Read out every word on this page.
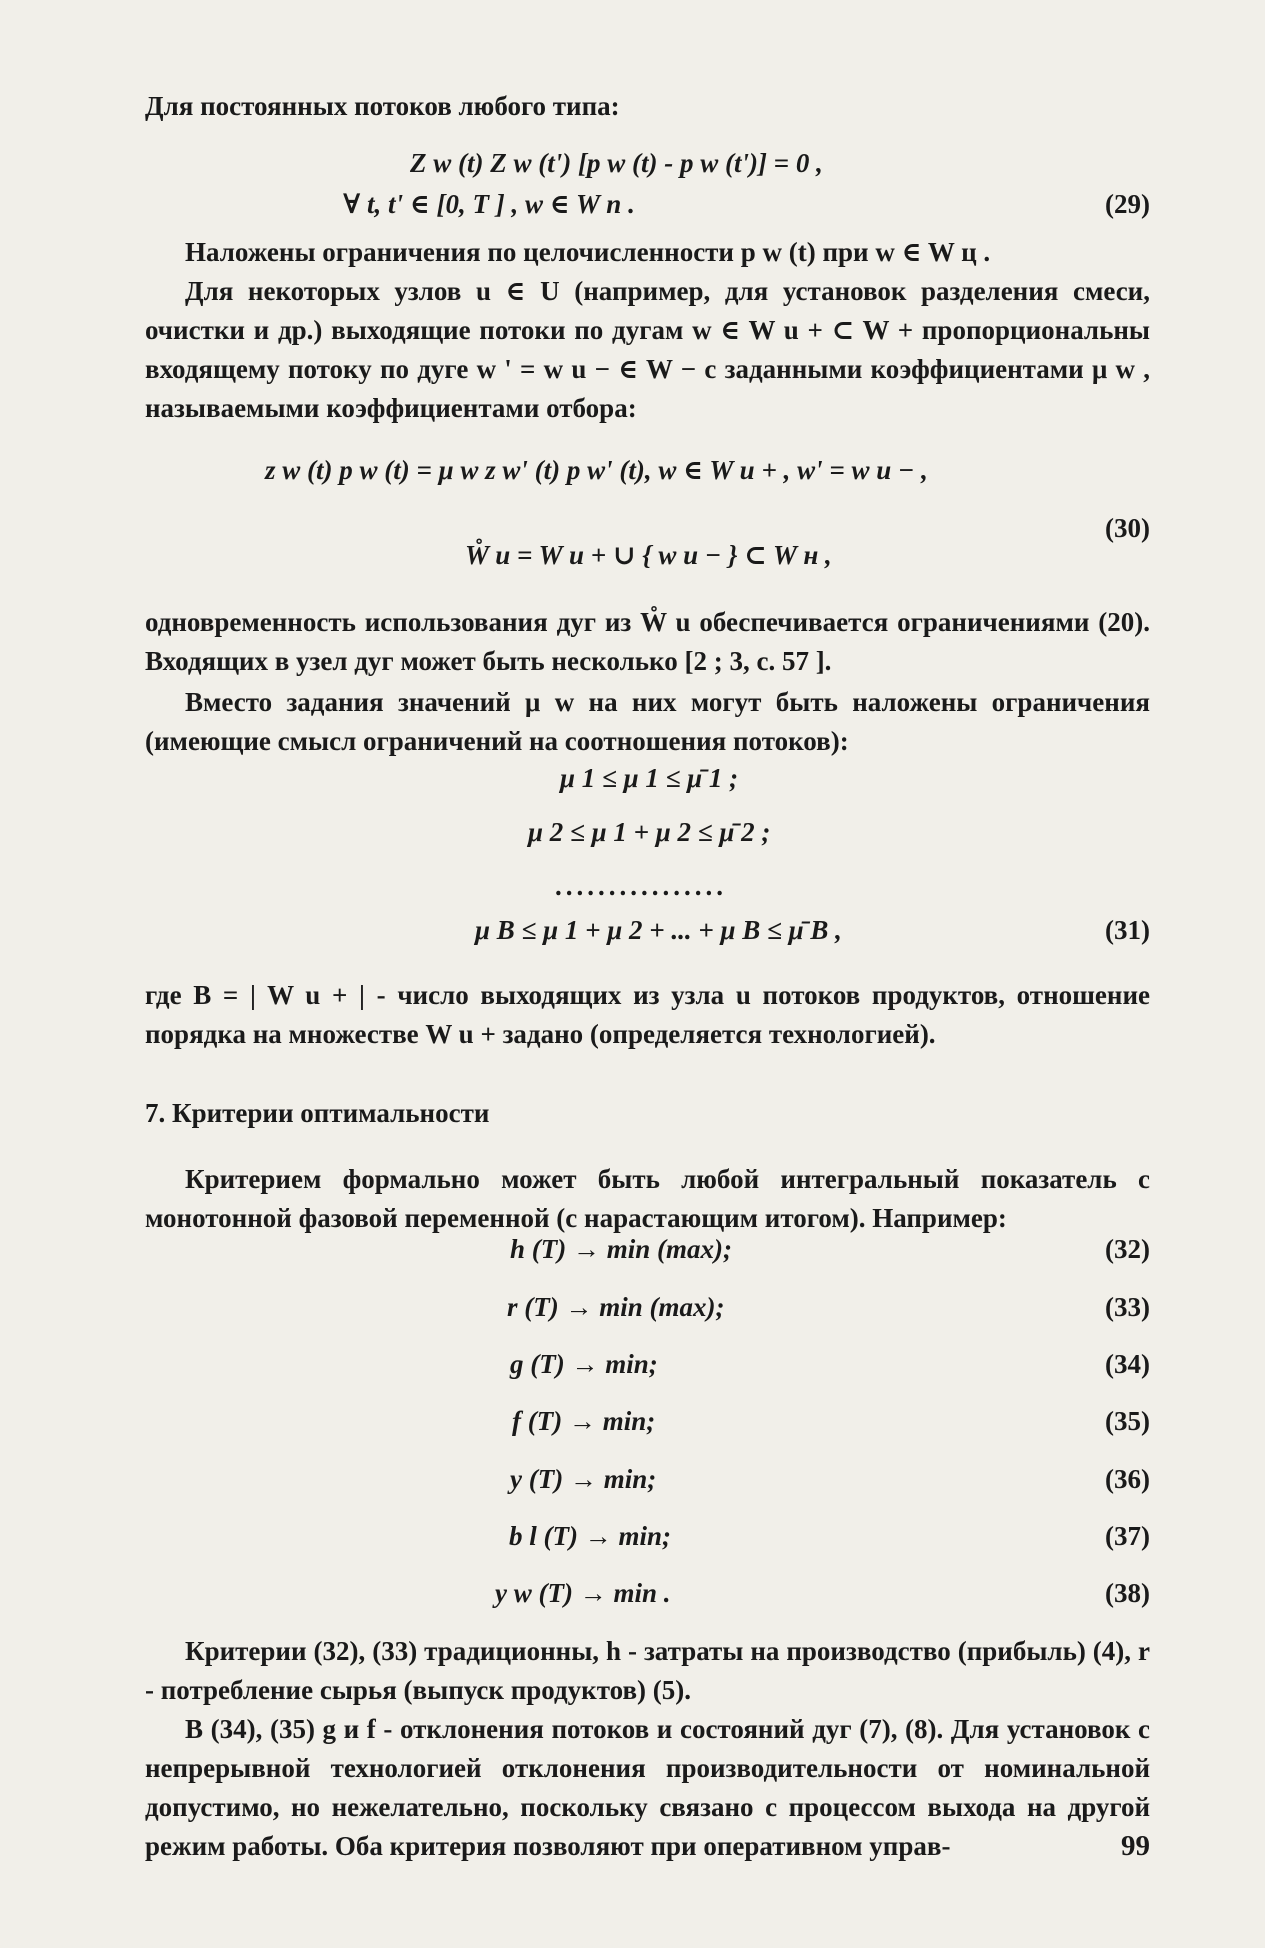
Для постоянных потоков любого типа:
Z w (t) Z w (t') [p w (t) - p w (t')] = 0 ,
∀ t, t' ∈ [0, T ] , w ∈ W п .	(29)
Наложены ограничения по целочисленности p w (t) при w ∈ W ц .
Для некоторых узлов u ∈ U (например, для установок разделения смеси, очистки и др.) выходящие потоки по дугам w ∈ W u + ⊂ W + пропорциональны входящему потоку по дуге w ' = w u − ∈ W − с заданными коэффициентами μ w , называемыми коэффициентами отбора:
z w (t) p w (t) = μ w z w' (t) p w' (t), w ∈ W u + , w' = w u − ,
W̊ u = W u + ∪ { w u − } ⊂ W н ,
(30)
одновременность использования дуг из W̊ u обеспечивается ограничениями (20). Входящих в узел дуг может быть несколько [2 ; 3, c. 57 ].
Вместо задания значений μ w на них могут быть наложены ограничения (имеющие смысл ограничений на соотношения потоков):
μ 1 ≤ μ 1 ≤ μ̄ 1 ;
μ 2 ≤ μ 1 + μ 2 ≤ μ̄ 2 ;
................
μ B ≤ μ 1 + μ 2 + ... + μ B ≤ μ̄ B ,	(31)
где B = | W u + | - число выходящих из узла u потоков продуктов, отношение порядка на множестве W u + задано (определяется технологией).
7. Критерии оптимальности
Критерием формально может быть любой интегральный показатель с монотонной фазовой переменной (с нарастающим итогом). Например:
h (T) → min (max);	(32)
r (T) → min (max);	(33)
g (T) → min;	(34)
f (T) → min;	(35)
y (T) → min;	(36)
b l (T) → min;	(37)
y w (T) → min .	(38)
Критерии (32), (33) традиционны, h - затраты на производство (прибыль) (4), r - потребление сырья (выпуск продуктов) (5).
В (34), (35) g и f - отклонения потоков и состояний дуг (7), (8). Для установок с непрерывной технологией отклонения производительности от номинальной допустимо, но нежелательно, поскольку связано с процессом выхода на другой режим работы. Оба критерия позволяют при оперативном управ-	99
